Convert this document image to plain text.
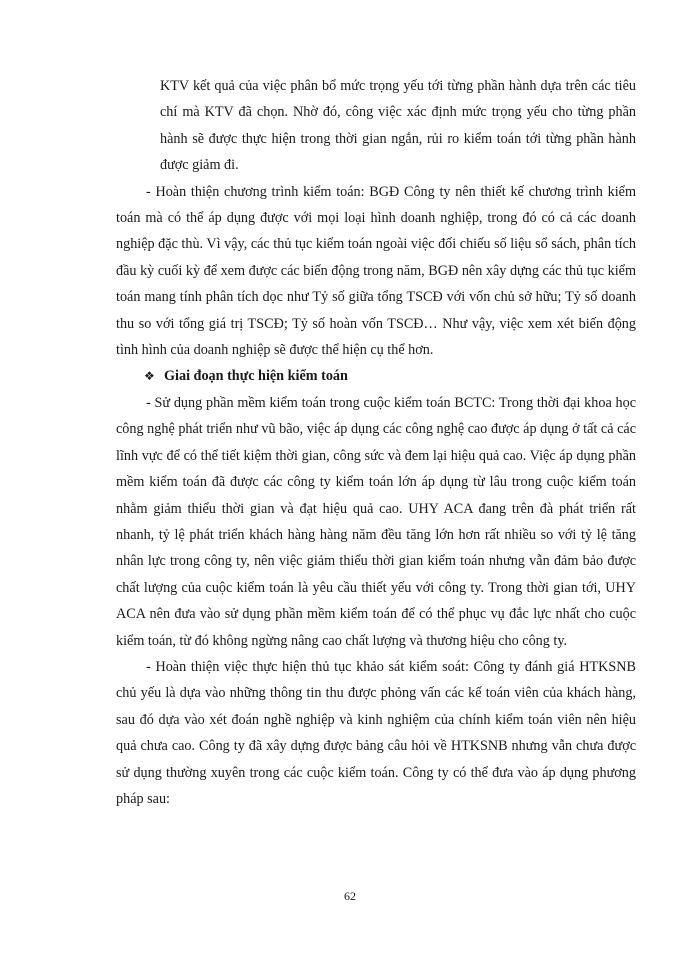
KTV kết quả của việc phân bổ mức trọng yếu tới từng phần hành dựa trên các tiêu chí mà KTV đã chọn. Nhờ đó, công việc xác định mức trọng yếu cho từng phần hành sẽ được thực hiện trong thời gian ngắn, rủi ro kiểm toán tới từng phần hành được giảm đi.

- Hoàn thiện chương trình kiểm toán: BGĐ Công ty nên thiết kế chương trình kiểm toán mà có thể áp dụng được với mọi loại hình doanh nghiệp, trong đó có cả các doanh nghiệp đặc thù. Vì vậy, các thủ tục kiểm toán ngoài việc đối chiếu số liệu sổ sách, phân tích đầu kỳ cuối kỳ để xem được các biến động trong năm, BGĐ nên xây dựng các thủ tục kiểm toán mang tính phân tích dọc như Tỷ số giữa tổng TSCĐ với vốn chủ sở hữu; Tỷ số doanh thu so với tổng giá trị TSCĐ; Tỷ số hoàn vốn TSCĐ… Như vậy, việc xem xét biến động tình hình của doanh nghiệp sẽ được thể hiện cụ thể hơn.

❖ Giai đoạn thực hiện kiểm toán

- Sử dụng phần mềm kiểm toán trong cuộc kiểm toán BCTC: Trong thời đại khoa học công nghệ phát triển như vũ bão, việc áp dụng các công nghệ cao được áp dụng ở tất cả các lĩnh vực để có thể tiết kiệm thời gian, công sức và đem lại hiệu quả cao. Việc áp dụng phần mềm kiểm toán đã được các công ty kiểm toán lớn áp dụng từ lâu trong cuộc kiểm toán nhằm giảm thiểu thời gian và đạt hiệu quả cao. UHY ACA đang trên đà phát triển rất nhanh, tỷ lệ phát triển khách hàng hàng năm đều tăng lớn hơn rất nhiều so với tỷ lệ tăng nhân lực trong công ty, nên việc giảm thiểu thời gian kiểm toán nhưng vẫn đảm bảo được chất lượng của cuộc kiểm toán là yêu cầu thiết yếu với công ty. Trong thời gian tới, UHY ACA nên đưa vào sử dụng phần mềm kiểm toán để có thể phục vụ đắc lực nhất cho cuộc kiểm toán, từ đó không ngừng nâng cao chất lượng và thương hiệu cho công ty.

- Hoàn thiện việc thực hiện thủ tục khảo sát kiểm soát: Công ty đánh giá HTKSNB chủ yếu là dựa vào những thông tin thu được phỏng vấn các kế toán viên của khách hàng, sau đó dựa vào xét đoán nghề nghiệp và kinh nghiệm của chính kiểm toán viên nên hiệu quả chưa cao. Công ty đã xây dựng được bảng câu hỏi về HTKSNB nhưng vẫn chưa được sử dụng thường xuyên trong các cuộc kiểm toán. Công ty có thể đưa vào áp dụng phương pháp sau:

62
